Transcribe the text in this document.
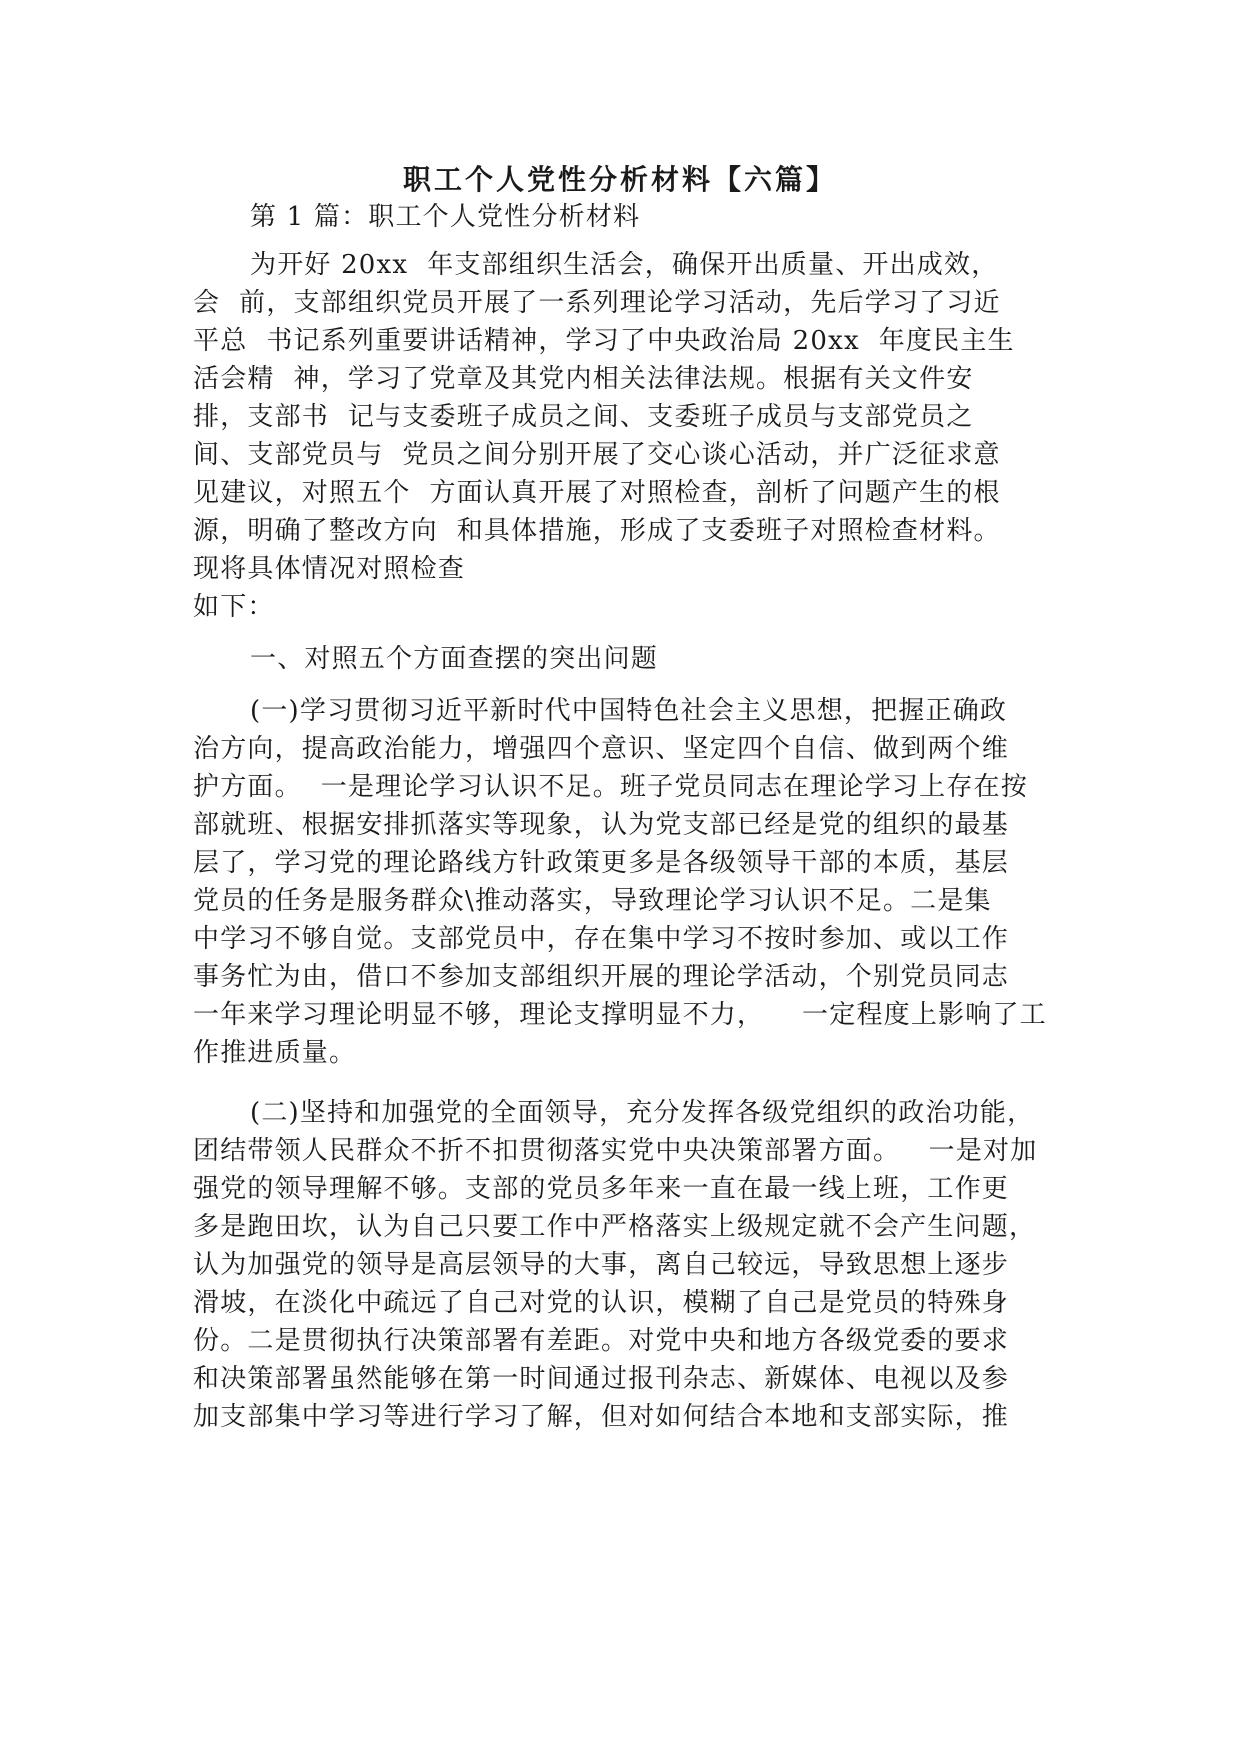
职工个人党性分析材料【六篇】
第 1 篇：职工个人党性分析材料
为开好 20xx  年支部组织生活会，确保开出质量、开出成效，
会  前，支部组织党员开展了一系列理论学习活动，先后学习了习近
平总  书记系列重要讲话精神，学习了中央政治局 20xx  年度民主生
活会精  神，学习了党章及其党内相关法律法规。根据有关文件安
排，支部书  记与支委班子成员之间、支委班子成员与支部党员之
间、支部党员与  党员之间分别开展了交心谈心活动，并广泛征求意
见建议，对照五个  方面认真开展了对照检查，剖析了问题产生的根
源，明确了整改方向  和具体措施，形成了支委班子对照检查材料。
现将具体情况对照检查
如下：
一、对照五个方面查摆的突出问题
(一)学习贯彻习近平新时代中国特色社会主义思想，把握正确政
治方向，提高政治能力，增强四个意识、坚定四个自信、做到两个维
护方面。  一是理论学习认识不足。班子党员同志在理论学习上存在按
部就班、根据安排抓落实等现象，认为党支部已经是党的组织的最基
层了，学习党的理论路线方针政策更多是各级领导干部的本质，基层
党员的任务是服务群众\推动落实，导致理论学习认识不足。二是集
中学习不够自觉。支部党员中，存在集中学习不按时参加、或以工作
事务忙为由，借口不参加支部组织开展的理论学活动，个别党员同志
一年来学习理论明显不够，理论支撑明显不力，    一定程度上影响了工
作推进质量。
(二)坚持和加强党的全面领导，充分发挥各级党组织的政治功能，
团结带领人民群众不折不扣贯彻落实党中央决策部署方面。   一是对加
强党的领导理解不够。支部的党员多年来一直在最一线上班，工作更
多是跑田坎，认为自己只要工作中严格落实上级规定就不会产生问题，
认为加强党的领导是高层领导的大事，离自己较远，导致思想上逐步
滑坡，在淡化中疏远了自己对党的认识，模糊了自己是党员的特殊身
份。二是贯彻执行决策部署有差距。对党中央和地方各级党委的要求
和决策部署虽然能够在第一时间通过报刊杂志、新媒体、电视以及参
加支部集中学习等进行学习了解，但对如何结合本地和支部实际，推
